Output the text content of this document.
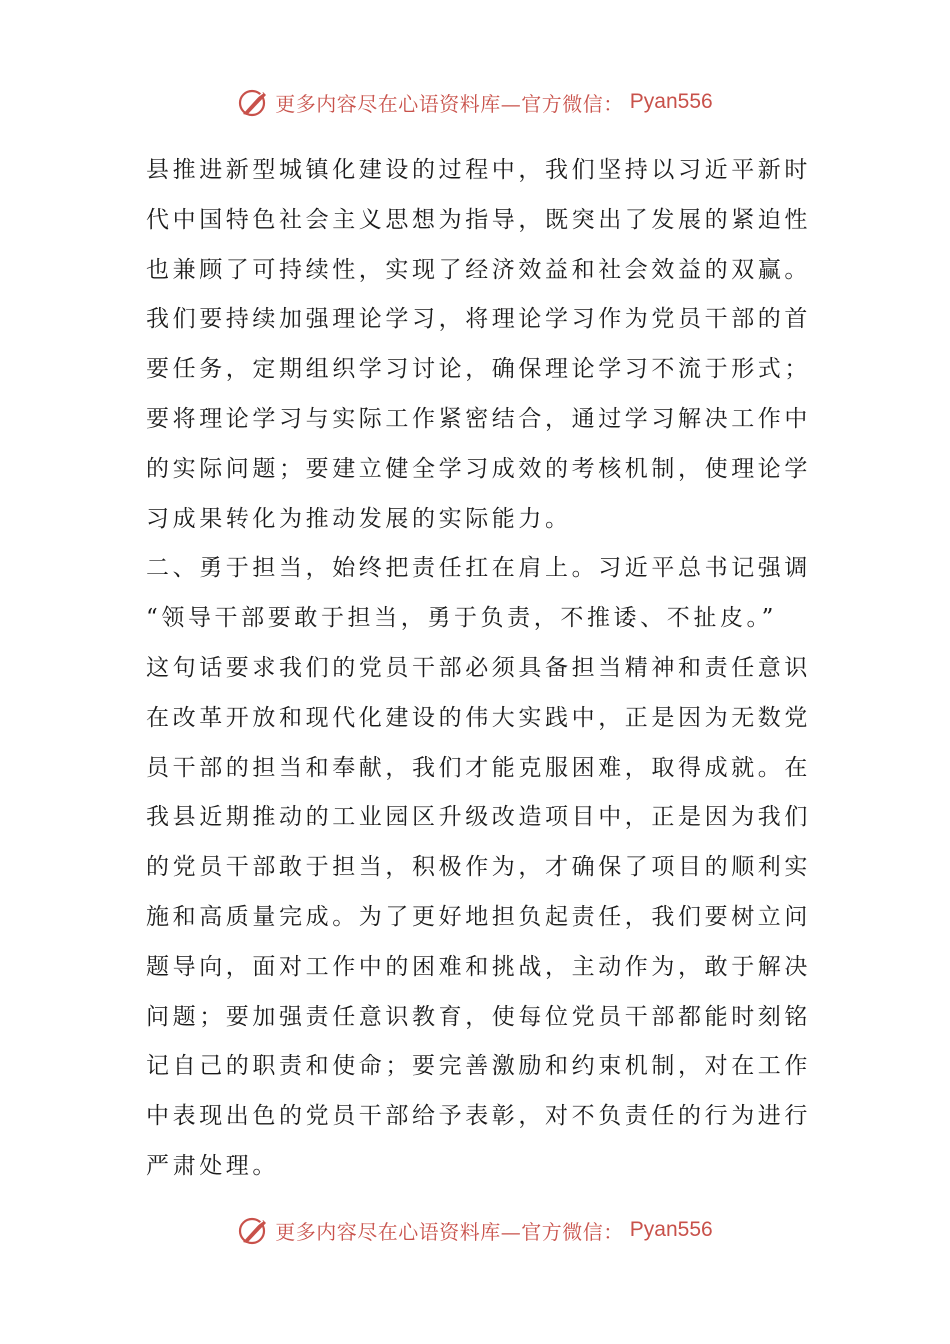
更多内容尽在心语资料库—官方微信： Pyan556
县推进新型城镇化建设的过程中，我们坚持以习近平新时
代中国特色社会主义思想为指导，既突出了发展的紧迫性
也兼顾了可持续性，实现了经济效益和社会效益的双赢。
我们要持续加强理论学习，将理论学习作为党员干部的首
要任务，定期组织学习讨论，确保理论学习不流于形式；
要将理论学习与实际工作紧密结合，通过学习解决工作中
的实际问题；要建立健全学习成效的考核机制，使理论学
习成果转化为推动发展的实际能力。
二、勇于担当，始终把责任扛在肩上。习近平总书记强调
“领导干部要敢于担当，勇于负责，不推诿、不扯皮。”
这句话要求我们的党员干部必须具备担当精神和责任意识
在改革开放和现代化建设的伟大实践中，正是因为无数党
员干部的担当和奉献，我们才能克服困难，取得成就。在
我县近期推动的工业园区升级改造项目中，正是因为我们
的党员干部敢于担当，积极作为，才确保了项目的顺利实
施和高质量完成。为了更好地担负起责任，我们要树立问
题导向，面对工作中的困难和挑战，主动作为，敢于解决
问题；要加强责任意识教育，使每位党员干部都能时刻铭
记自己的职责和使命；要完善激励和约束机制，对在工作
中表现出色的党员干部给予表彰，对不负责任的行为进行
严肃处理。
更多内容尽在心语资料库—官方微信： Pyan556
